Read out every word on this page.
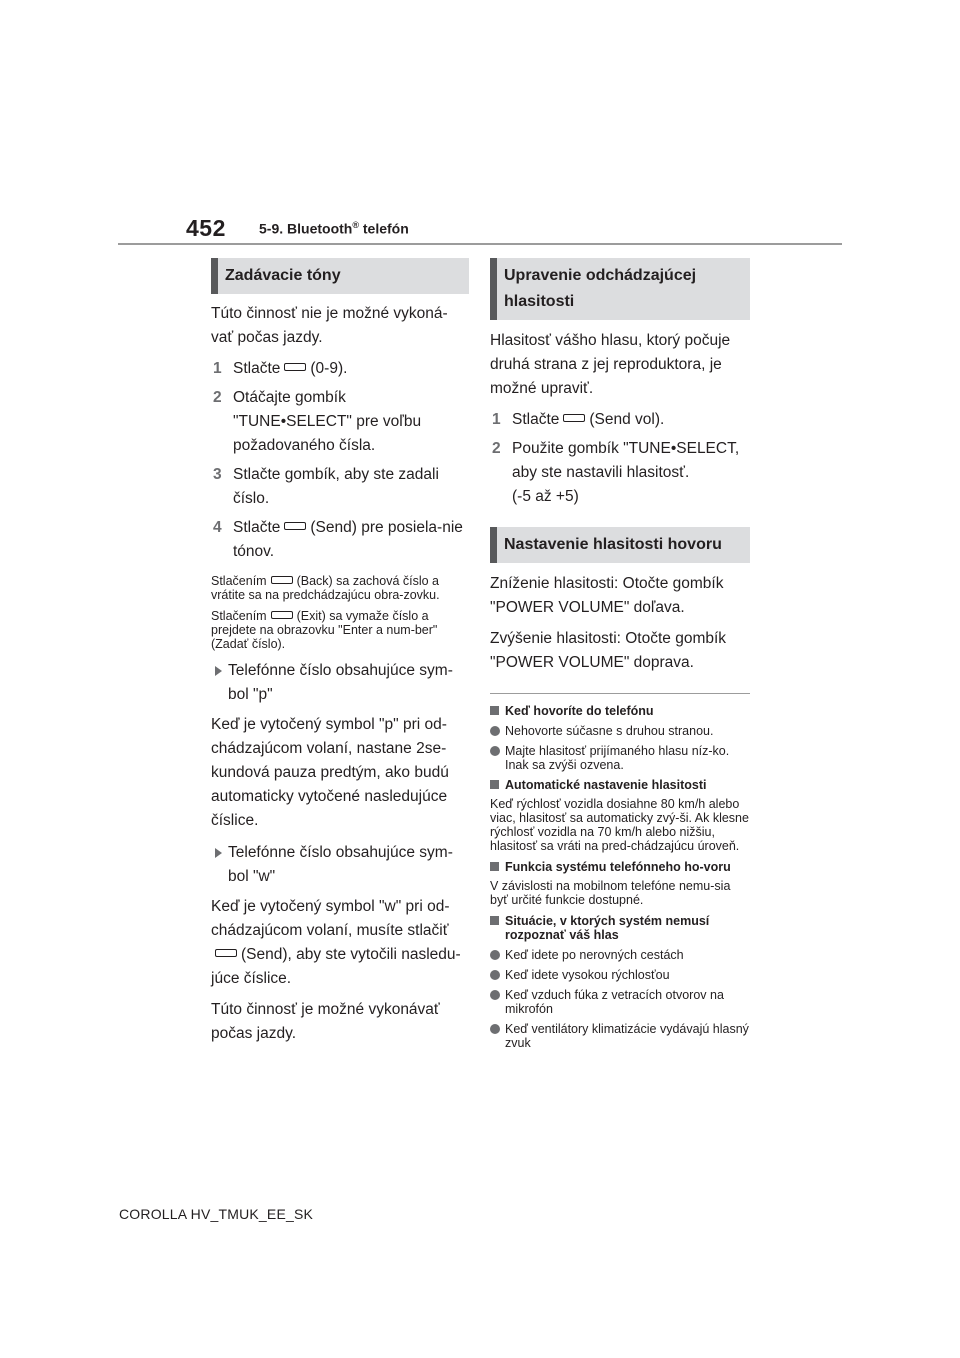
452 5-9. Bluetooth® telefón
Zadávacie tóny

Túto činnosť nie je možné vykoná-vať počas jazdy.

1 Stlačte (0-9).
2 Otáčajte gombík "TUNE•SELECT" pre voľbu požadovaného čísla.
3 Stlačte gombík, aby ste zadali číslo.
4 Stlačte (Send) pre posiela-nie tónov.

Stlačením (Back) sa zachová číslo a vrátite sa na predchádzajúcu obra-zovku.

Stlačením (Exit) sa vymaže číslo a prejdete na obrazovku "Enter a num-ber" (Zadať číslo).

Telefónne číslo obsahujúce sym-bol "p"

Keď je vytočený symbol "p" pri od-chádzajúcom volaní, nastane 2se-kundová pauza predtým, ako budú automaticky vytočené nasledujúce číslice.

Telefónne číslo obsahujúce sym-bol "w"

Keď je vytočený symbol "w" pri od-chádzajúcom volaní, musíte stlačiť(Send), aby ste vytočili nasledu-júce číslice.

Túto činnosť je možné vykonávať počas jazdy.

Upravenie odchádzajúcej hlasitosti

Hlasitosť vášho hlasu, ktorý počuje druhá strana z jej reproduktora, je možné upraviť.

1 Stlačte (Send vol).
2 Použite gombík "TUNE•SELECT, aby ste nastavili hlasitosť.
(-5 až +5)
Nastavenie hlasitosti hovoru

Zníženie hlasitosti: Otočte gombík "POWER VOLUME" doľava.

Zvýšenie hlasitosti: Otočte gombík "POWER VOLUME" doprava.

Keď hovoríte do telefónu
Nehovorte súčasne s druhou stranou.
Majte hlasitosť prijímaného hlasu níz-ko. Inak sa zvýši ozvena.
Automatické nastavenie hlasitosti

Keď rýchlosť vozidla dosiahne 80 km/h alebo viac, hlasitosť sa automaticky zvý-ši. Ak klesne rýchlosť vozidla na 70 km/h alebo nižšiu, hlasitosť sa vráti na pred-chádzajúcu úroveň.

Funkcia systému telefónneho ho-voru

V závislosti na mobilnom telefóne nemu-sia byť určité funkcie dostupné.

Situácie, v ktorých systém nemusí rozpoznať váš hlas
Keď idete po nerovných cestách
Keď idete vysokou rýchlosťou
Keď vzduch fúka z vetracích otvorov na mikrofón
Keď ventilátory klimatizácie vydávajú hlasný zvuk
COROLLA HV_TMUK_EE_SK
